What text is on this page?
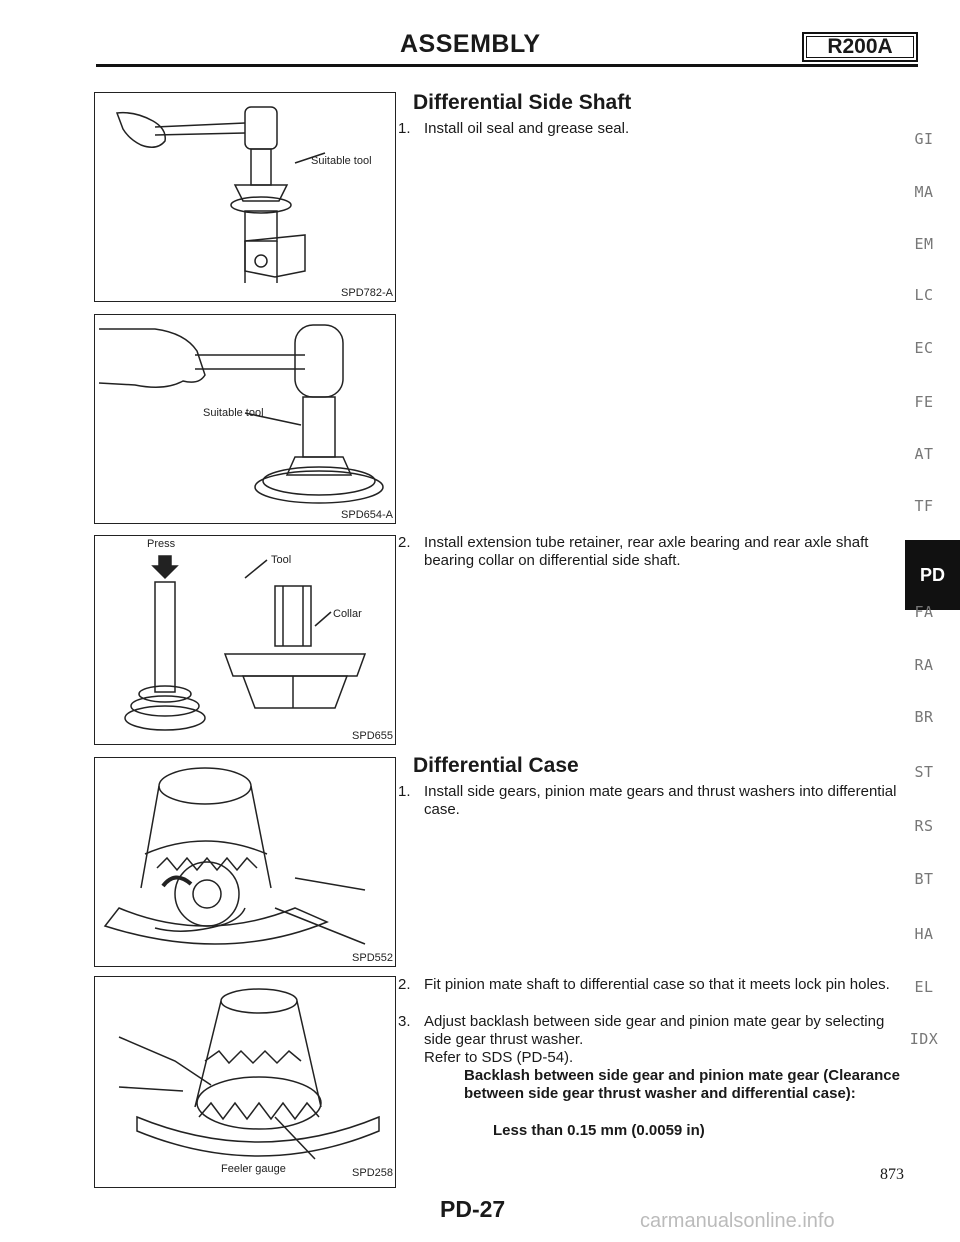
ASSEMBLY	R200A
Suitable tool
SPD782-A
Suitable tool
SPD654-A
Press
Tool
Collar
SPD655
SPD552
Feeler gauge	SPD258
Differential Side Shaft
1. Install oil seal and grease seal.
2. Install extension tube retainer, rear axle bearing and rear axle shaft bearing collar on differential side shaft.
Differential Case
1. Install side gears, pinion mate gears and thrust washers into differential case.
2. Fit pinion mate shaft to differential case so that it meets lock pin holes.
3. Adjust backlash between side gear and pinion mate gear by selecting side gear thrust washer.
Refer to SDS (PD-54).
Backlash between side gear and pinion mate gear (Clearance between side gear thrust washer and differential case):
Less than 0.15 mm (0.0059 in)
GI
MA
EM
LC
EC
FE
AT
TF
PD
FA
RA
BR
ST
RS
BT
HA
EL
IDX
PD-27
873
carmanualsonline.info
